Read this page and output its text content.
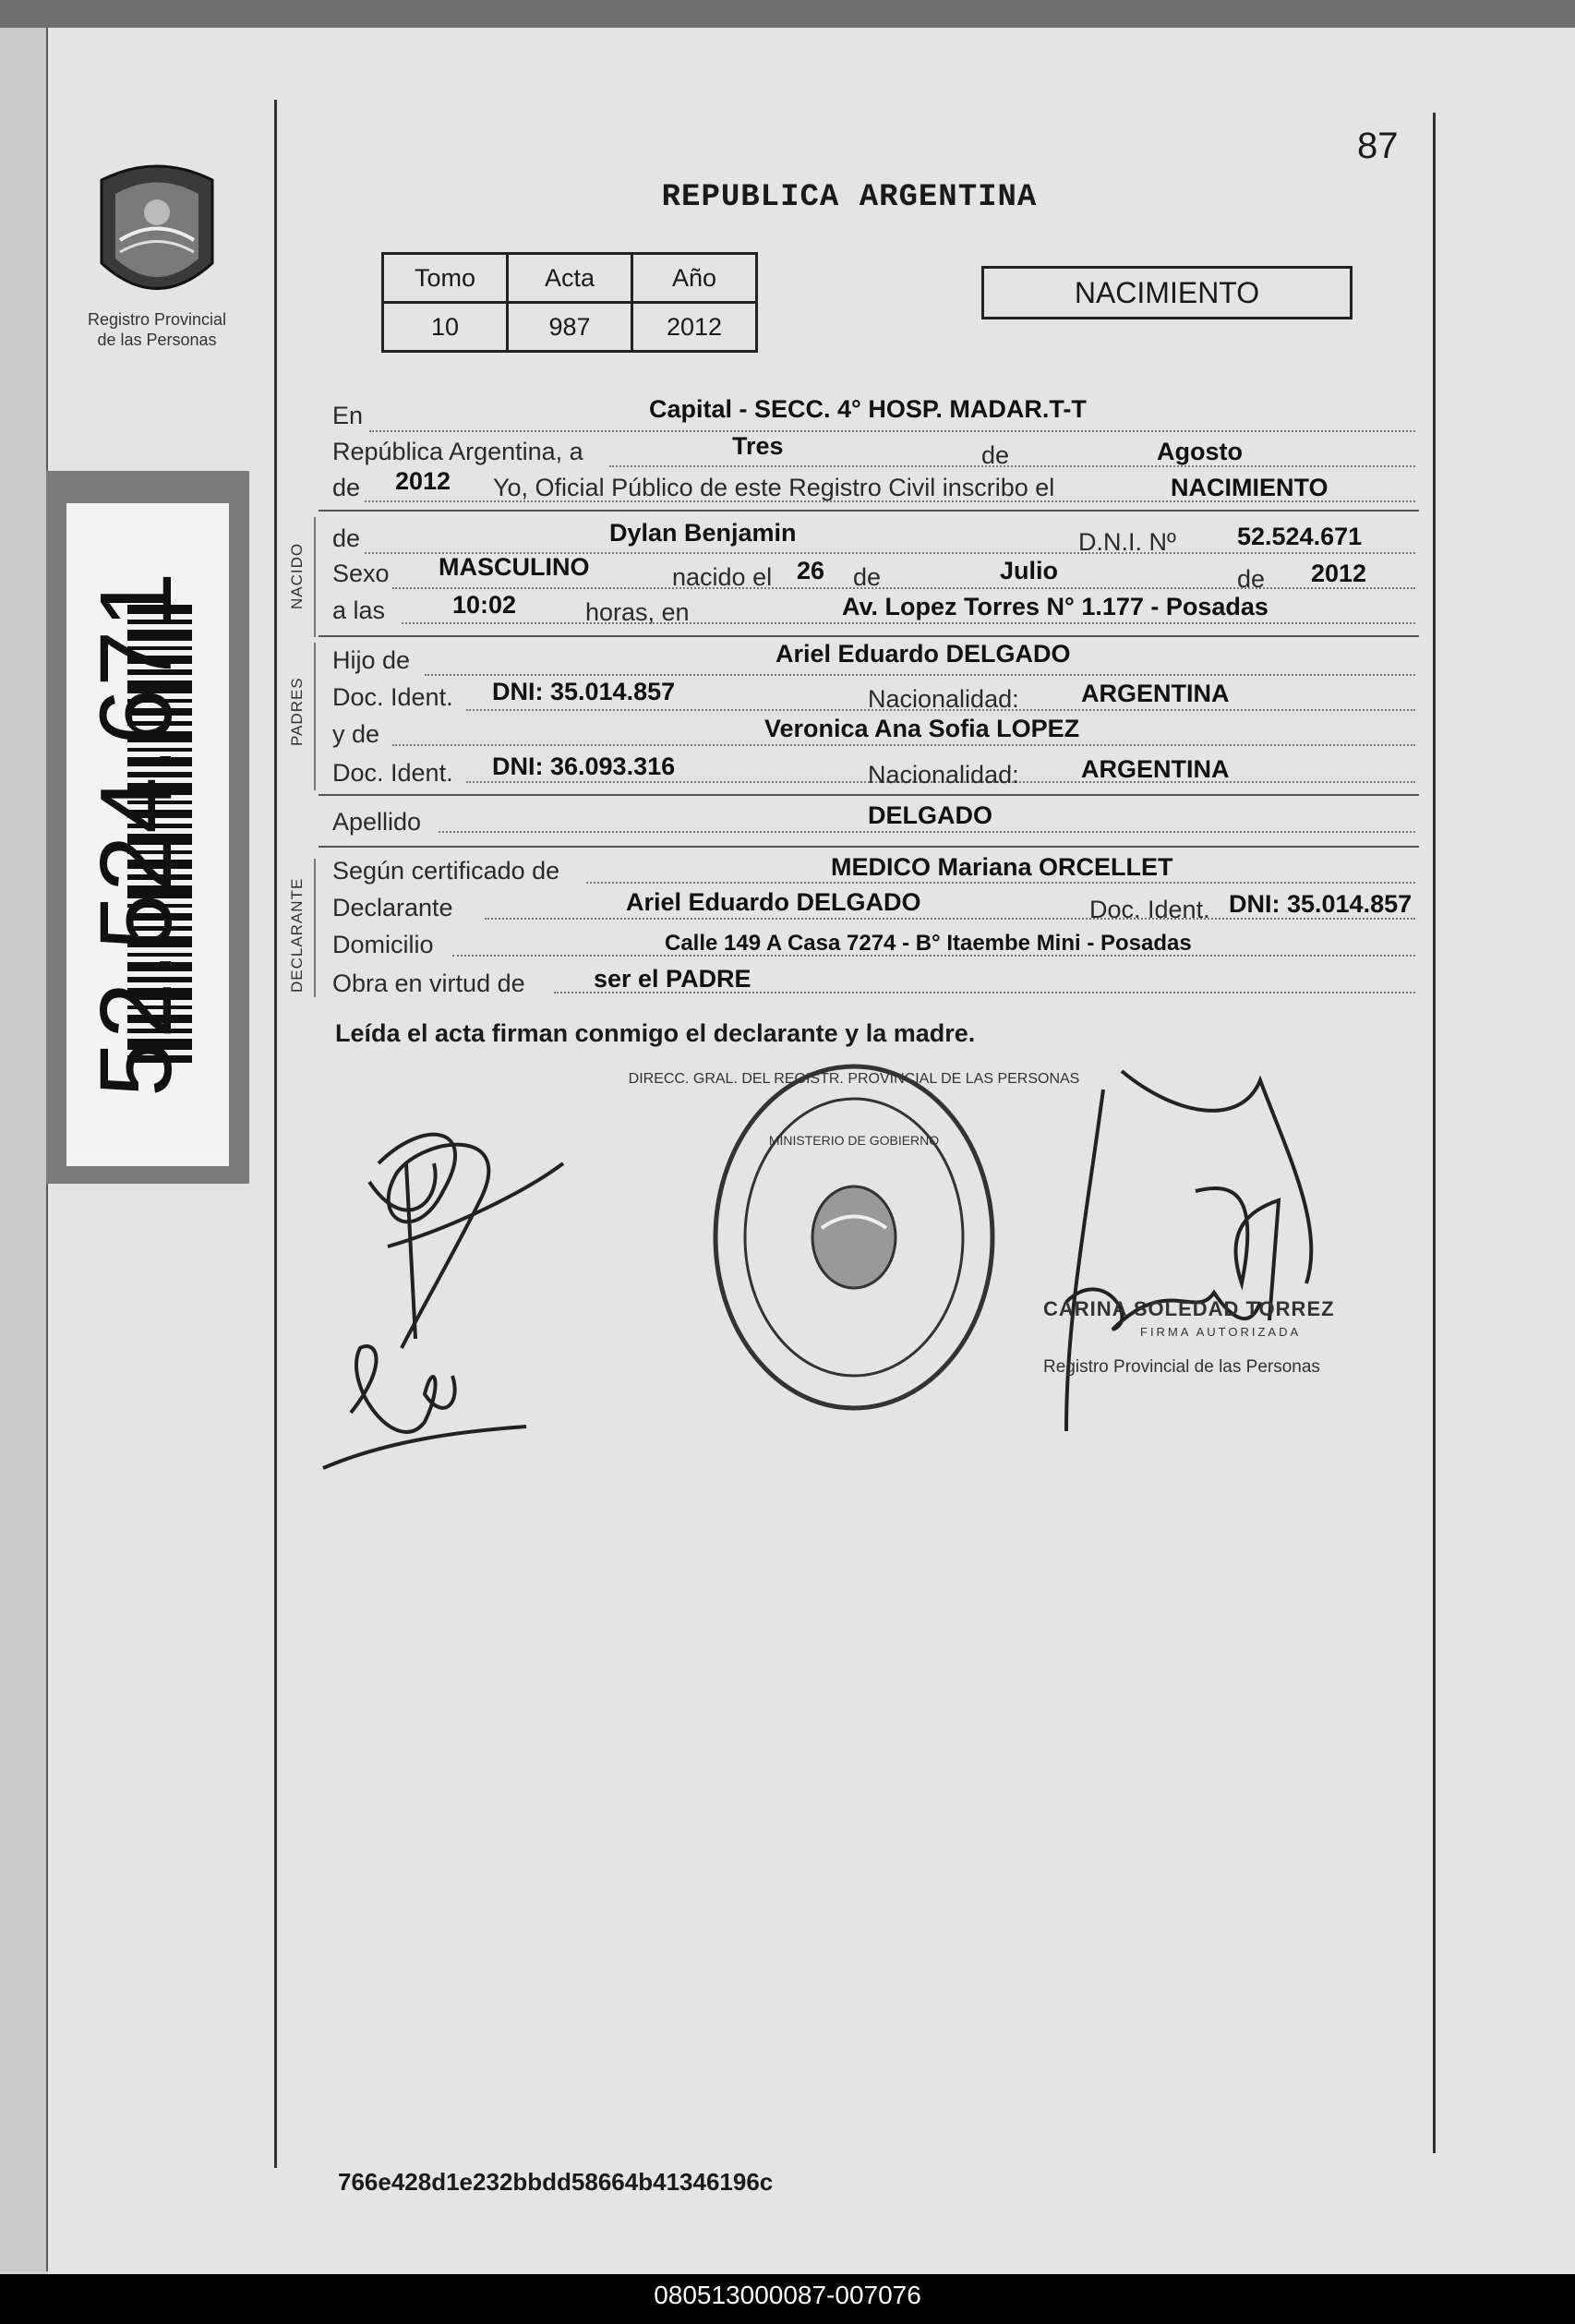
Registro Provincial
de las Personas
52.524.671
87
REPUBLICA ARGENTINA
Tomo	Acta	Año
10	987	2012
NACIMIENTO
En	Capital - SECC. 4° HOSP. MADAR.T-T
República Argentina, a	Tres	de	Agosto
de 2012 Yo, Oficial Público de este Registro Civil inscribo el	NACIMIENTO
NACIDO
de	Dylan Benjamin	D.N.I. Nº 52.524.671
Sexo MASCULINO	nacido el 26 de	Julio	de 2012
a las	10:02	horas, en	Av. Lopez Torres N° 1.177 - Posadas
PADRES
Hijo de	Ariel Eduardo DELGADO
Doc. Ident. DNI: 35.014.857	Nacionalidad: ARGENTINA
y de	Veronica Ana Sofia LOPEZ
Doc. Ident. DNI: 36.093.316	Nacionalidad: ARGENTINA
Apellido	DELGADO
DECLARANTE
Según certificado de	MEDICO Mariana ORCELLET
Declarante	Ariel Eduardo DELGADO	Doc. Ident. DNI: 35.014.857
Domicilio	Calle 149 A Casa 7274 - B° Itaembe Mini - Posadas
Obra en virtud de	ser el PADRE
Leída el acta firman conmigo el declarante y la madre.
DIRECC. GRAL. DEL REGISTR. PROVINCIAL DE LAS PERSONAS
MINISTERIO DE GOBIERNO
CARINA SOLEDAD TORREZ
FIRMA AUTORIZADA
Registro Provincial de las Personas
766e428d1e232bbdd58664b41346196c
080513000087-007076
